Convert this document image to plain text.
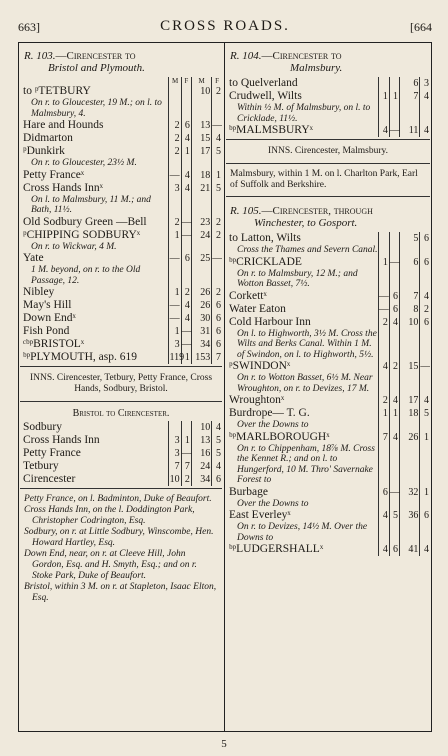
663]	CROSS ROADS.	[664
R. 103.—Cirencester to
Bristol and Plymouth.
	M	F	M	F
to ᵖTETBURY
On r. to Gloucester, 19 M.; on l. to Malmsbury, 4.			10	2
Hare and Hounds	2	6	13	—
Didmarton	2	4	15	4
ᵖDunkirk
On r. to Gloucester, 23½ M.	2	1	17	5
Petty Franceˣ	—	4	18	1
Cross Hands Innˣ
On l. to Malmsbury, 11 M.; and Bath, 11½.	3	4	21	5
Old Sodbury Green —Bell	2	—	23	2
ᵖCHIPPING SODBURYˣ
On r. to Wickwar, 4 M.	1	—	24	2
Yate
1 M. beyond, on r. to the Old Passage, 12.	—	6	25	—
Nibley	1	2	26	2
May's Hill	—	4	26	6
Down Endˣ	—	4	30	6
Fish Pond	1	—	31	6
ᶜᵇᵖBRISTOLˣ	3	—	34	6
ᵇᵖPLYMOUTH, asp. 619	119	1	153	7
INNS. Cirencester, Tetbury, Petty France, Cross Hands, Sodbury, Bristol.
Bristol to Cirencester.
Sodbury			10	4
Cross Hands Inn	3	1	13	5
Petty France	3	—	16	5
Tetbury	7	7	24	4
Cirencester	10	2	34	6
Petty France, on l. Badminton, Duke of Beaufort.
Cross Hands Inn, on the l. Doddington Park, Christopher Codrington, Esq.
Sodbury, on r. at Little Sodbury, Winscombe, Hen. Howard Hartley, Esq.
Down End, near, on r. at Cleeve Hill, John Gordon, Esq. and H. Smyth, Esq.; and on r. Stoke Park, Duke of Beaufort.
Bristol, within 3 M. on r. at Stapleton, Isaac Elton, Esq.
R. 104.—Cirencester to
Malmsbury.
to Quelverland			6	3
Crudwell, Wilts
Within ½ M. of Malmsbury, on l. to Cricklade, 11½.	1	1	7	4
ᵇᵖMALMSBURYˣ	4	—	11	4
INNS. Cirencester, Malmsbury.
Malmsbury, within 1 M. on l. Charlton Park, Earl of Suffolk and Berkshire.
R. 105.—Cirencester, through
Winchester, to Gosport.
to Latton, Wilts
Cross the Thames and Severn Canal.			5	6
ᵇᵖCRICKLADE
On r. to Malmsbury, 12 M.; and Wotton Basset, 7½.	1	—	6	6
Corkettˣ	—	6	7	4
Water Eaton	—	6	8	2
Cold Harbour Inn
On l. to Highworth, 3½ M. Cross the Wilts and Berks Canal. Within 1 M. of Swindon, on l. to Highworth, 5½.	2	4	10	6
ᵖSWINDONˣ
On r. to Wotton Basset, 6½ M. Near Wroughton, on r. to Devizes, 17 M.	4	2	15	—
Wroughtonˣ	2	4	17	4
Burdrope— T. G.
Over the Downs to	1	1	18	5
ᵇᵖMARLBOROUGHˣ
On r. to Chippenham, 18⅞ M. Cross the Kennet R.; and on l. to Hungerford, 10 M. Thro' Savernake Forest to	7	4	26	1
Burbage
Over the Downs to	6	—	32	1
East Everleyˣ
On r. to Devizes, 14½ M. Over the Downs to	4	5	36	6
ᵇᵖLUDGERSHALLˣ	4	6	41	4
5
